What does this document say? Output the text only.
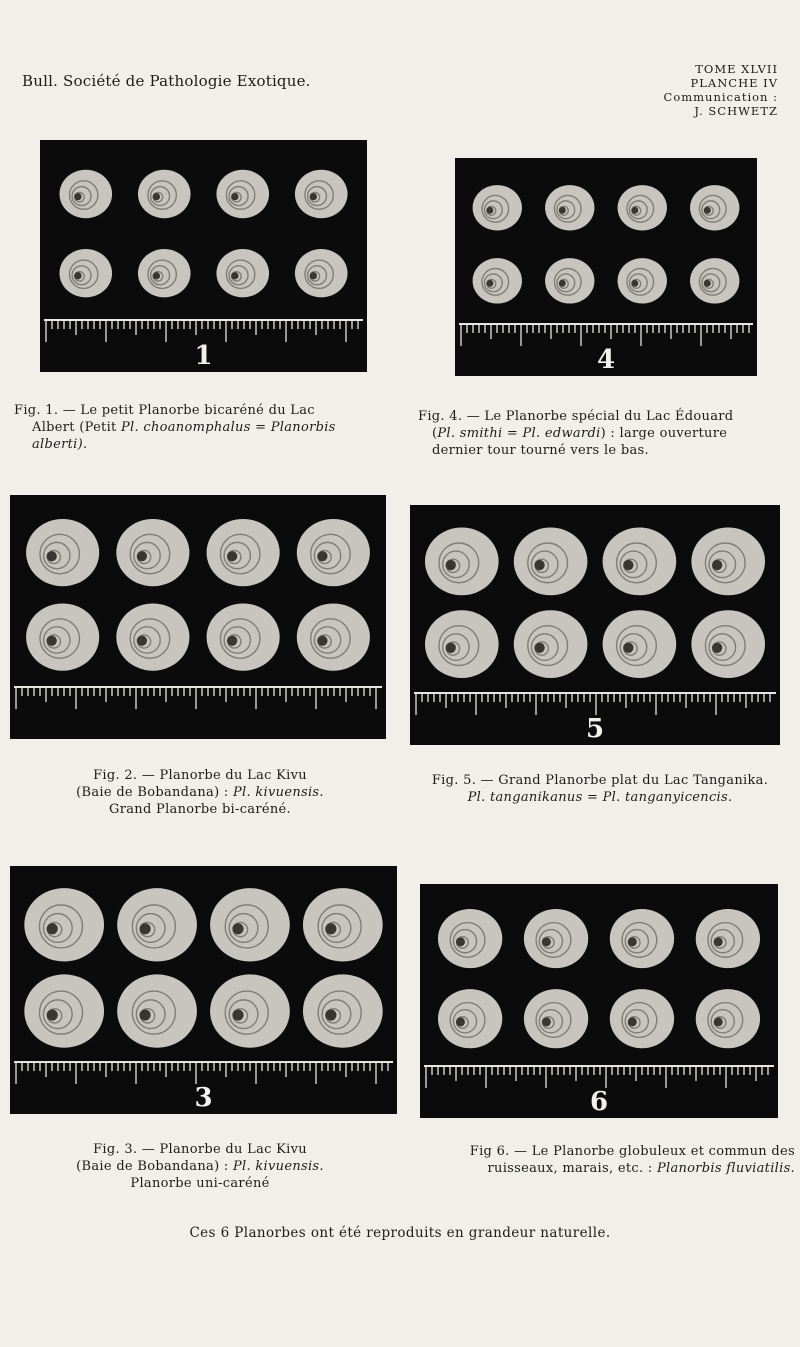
Bull. Société de Pathologie Exotique.
TOME XLVII
PLANCHE IV
Communication :
J. SCHWETZ
1	4
5
3	6
Fig. 1. — Le petit Planorbe bicaréné du Lac
Albert (Petit Pl. choanomphalus = Planorbis
alberti).
Fig. 4. — Le Planorbe spécial du Lac Édouard
(Pl. smithi = Pl. edwardi) : large ouverture
dernier tour tourné vers le bas.
Fig. 2. — Planorbe du Lac Kivu
(Baie de Bobandana) : Pl. kivuensis.
Grand Planorbe bi-caréné.
Fig. 5. — Grand Planorbe plat du Lac Tanganika.
Pl. tanganikanus = Pl. tanganyicencis.
Fig. 3. — Planorbe du Lac Kivu
(Baie de Bobandana) : Pl. kivuensis.
Planorbe uni-caréné
Fig 6. — Le Planorbe globuleux et commun des
ruisseaux, marais, etc. : Planorbis fluviatilis.
Ces 6 Planorbes ont été reproduits en grandeur naturelle.
